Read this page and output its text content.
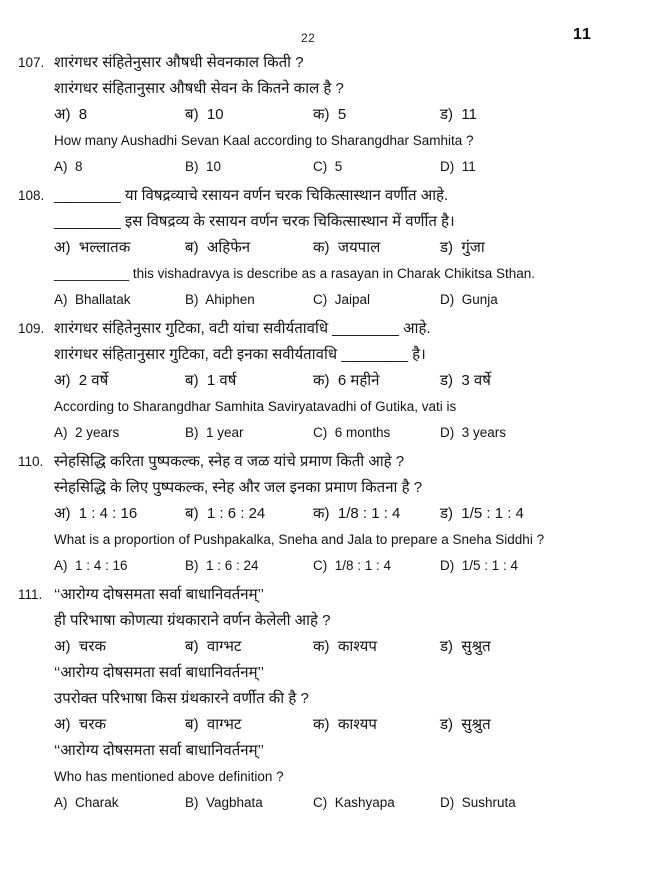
22	11
107. शारंगधर संहितेनुसार औषधी सेवनकाल किती ?
शारंगधर संहितानुसार औषधी सेवन के कितने काल है ?
अ)  8	ब)  10	क)  5	ड)  11
How many Aushadhi Sevan Kaal according to Sharangdhar Samhita ?
A)  8	B)  10	C)  5	D)  11
108. ________ या विषद्रव्याचे रसायन वर्णन चरक चिकित्सास्थान वर्णीत आहे.
________ इस विषद्रव्य के रसायन वर्णन चरक चिकित्सास्थान में वर्णीत है।
अ)  भल्लातक	ब)  अहिफेन	क)  जयपाल	ड)  गुंजा
__________ this vishadravya is describe as a rasayan in Charak Chikitsa Sthan.
A)  Bhallatak	B)  Ahiphen	C)  Jaipal	D)  Gunja
109. शारंगधर संहितेनुसार गुटिका, वटी यांचा सवीर्यतावधि ________ आहे.
शारंगधर संहितानुसार गुटिका, वटी इनका सवीर्यतावधि ________ है।
अ)  2 वर्षे	ब)  1 वर्ष	क)  6 महीने	ड)  3 वर्षे
According to Sharangdhar Samhita Saviryatavadhi of Gutika, vati is
A)  2 years	B)  1 year	C)  6 months	D)  3 years
110. स्नेहसिद्धि करिता पुष्पकल्क, स्नेह व जळ यांचे प्रमाण किती आहे ?
स्नेहसिद्धि के लिए पुष्पकल्क, स्नेह और जल इनका प्रमाण कितना है ?
अ)  1 : 4 : 16	ब)  1 : 6 : 24	क)  1/8 : 1 : 4	ड)  1/5 : 1 : 4
What is a proportion of Pushpakalka, Sneha and Jala to prepare a Sneha Siddhi ?
A)  1 : 4 : 16	B)  1 : 6 : 24	C)  1/8 : 1 : 4	D)  1/5 : 1 : 4
111. ‘‘आरोग्य दोषसमता सर्वा बाधानिवर्तनम्’’
ही परिभाषा कोणत्या ग्रंथकाराने वर्णन केलेली आहे ?
अ)  चरक	ब)  वाग्भट	क)  काश्यप	ड)  सुश्रुत
‘‘आरोग्य दोषसमता सर्वा बाधानिवर्तनम्’’
उपरोक्त परिभाषा किस ग्रंथकारने वर्णीत की है ?
अ)  चरक	ब)  वाग्भट	क)  काश्यप	ड)  सुश्रुत
‘‘आरोग्य दोषसमता सर्वा बाधानिवर्तनम्’’
Who has mentioned above definition ?
A)  Charak	B)  Vagbhata	C)  Kashyapa	D)  Sushruta
